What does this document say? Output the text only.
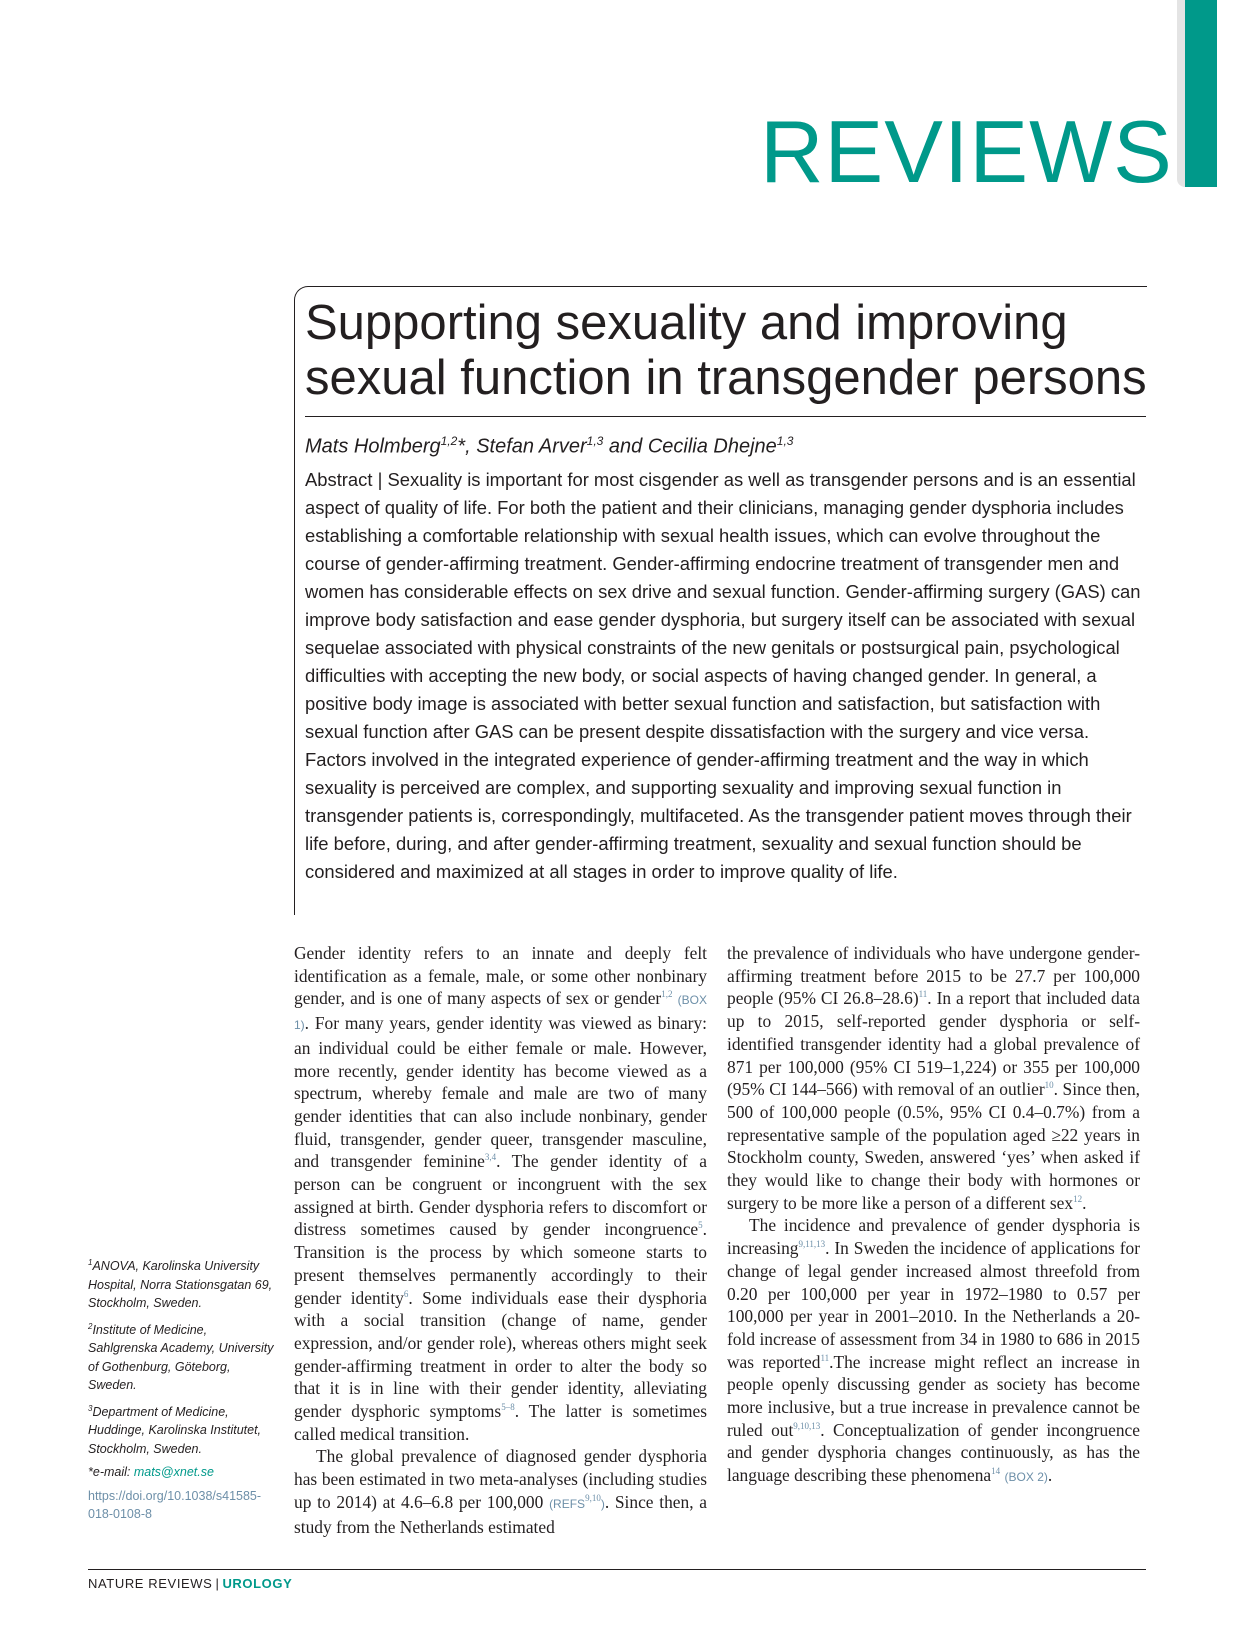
REVIEWS
Supporting sexuality and improving sexual function in transgender persons
Mats Holmberg$^{1,2}$*, Stefan Arver$^{1,3}$ and Cecilia Dhejne$^{1,3}$

Abstract | Sexuality is important for most cisgender as well as transgender persons and is an essential aspect of quality of life. For both the patient and their clinicians, managing gender dysphoria includes establishing a comfortable relationship with sexual health issues, which can evolve throughout the course of gender-affirming treatment. Gender-affirming endocrine treatment of transgender men and women has considerable effects on sex drive and sexual function. Gender-affirming surgery (GAS) can improve body satisfaction and ease gender dysphoria, but surgery itself can be associated with sexual sequelae associated with physical constraints of the new genitals or postsurgical pain, psychological difficulties with accepting the new body, or social aspects of having changed gender. In general, a positive body image is associated with better sexual function and satisfaction, but satisfaction with sexual function after GAS can be present despite dissatisfaction with the surgery and vice versa. Factors involved in the integrated experience of gender-affirming treatment and the way in which sexuality is perceived are complex, and supporting sexuality and improving sexual function in transgender patients is, correspondingly, multifaceted. As the transgender patient moves through their life before, during, and after gender-affirming treatment, sexuality and sexual function should be considered and maximized at all stages in order to improve quality of life.

$^1$ANOVA, Karolinska University Hospital, Norra Stationsgatan 69, Stockholm, Sweden.

$^2$Institute of Medicine, Sahlgrenska Academy, University of Gothenburg, Göteborg, Sweden.

$^3$Department of Medicine, Huddinge, Karolinska Institutet, Stockholm, Sweden.

*e-mail: mats@xnet.se

https://doi.org/10.1038/s41585-018-0108-8

Gender identity refers to an innate and deeply felt identification as a female, male, or some other nonbinary gender, and is one of many aspects of sex or gender$^{1,2}$ (BOX 1). For many years, gender identity was viewed as binary: an individual could be either female or male. However, more recently, gender identity has become viewed as a spectrum, whereby female and male are two of many gender identities that can also include nonbinary, gender fluid, transgender, gender queer, transgender masculine, and transgender feminine$^{3,4}$. The gender identity of a person can be congruent or incongruent with the sex assigned at birth. Gender dysphoria refers to discomfort or distress sometimes caused by gender incongruence$^5$. Transition is the process by which someone starts to present themselves permanently accordingly to their gender identity$^6$. Some individuals ease their dysphoria with a social transition (change of name, gender expression, and/or gender role), whereas others might seek gender-affirming treatment in order to alter the body so that it is in line with their gender identity, alleviating gender dysphoric symptoms$^{5-8}$. The latter is sometimes called medical transition.

The global prevalence of diagnosed gender dysphoria has been estimated in two meta-analyses (including studies up to 2014) at 4.6–6.8 per 100,000 (REFS$^{9,10}$). Since then, a study from the Netherlands estimated

the prevalence of individuals who have undergone gender-affirming treatment before 2015 to be 27.7 per 100,000 people (95% CI 26.8–28.6)$^{11}$. In a report that included data up to 2015, self-reported gender dysphoria or self-identified transgender identity had a global prevalence of 871 per 100,000 (95% CI 519–1,224) or 355 per 100,000 (95% CI 144–566) with removal of an outlier$^{10}$. Since then, 500 of 100,000 people (0.5%, 95% CI 0.4–0.7%) from a representative sample of the population aged ≥22 years in Stockholm county, Sweden, answered ‘yes’ when asked if they would like to change their body with hormones or surgery to be more like a person of a different sex$^{12}$.

The incidence and prevalence of gender dysphoria is increasing$^{9,11,13}$. In Sweden the incidence of applications for change of legal gender increased almost threefold from 0.20 per 100,000 per year in 1972–1980 to 0.57 per 100,000 per year in 2001–2010. In the Netherlands a 20-fold increase of assessment from 34 in 1980 to 686 in 2015 was reported$^{11}$.The increase might reflect an increase in people openly discussing gender as society has become more inclusive, but a true increase in prevalence cannot be ruled out$^{9,10,13}$. Conceptualization of gender incongruence and gender dysphoria changes continuously, as has the language describing these phenomena$^{14}$ (BOX 2).

NATURE REVIEWS | UROLOGY
